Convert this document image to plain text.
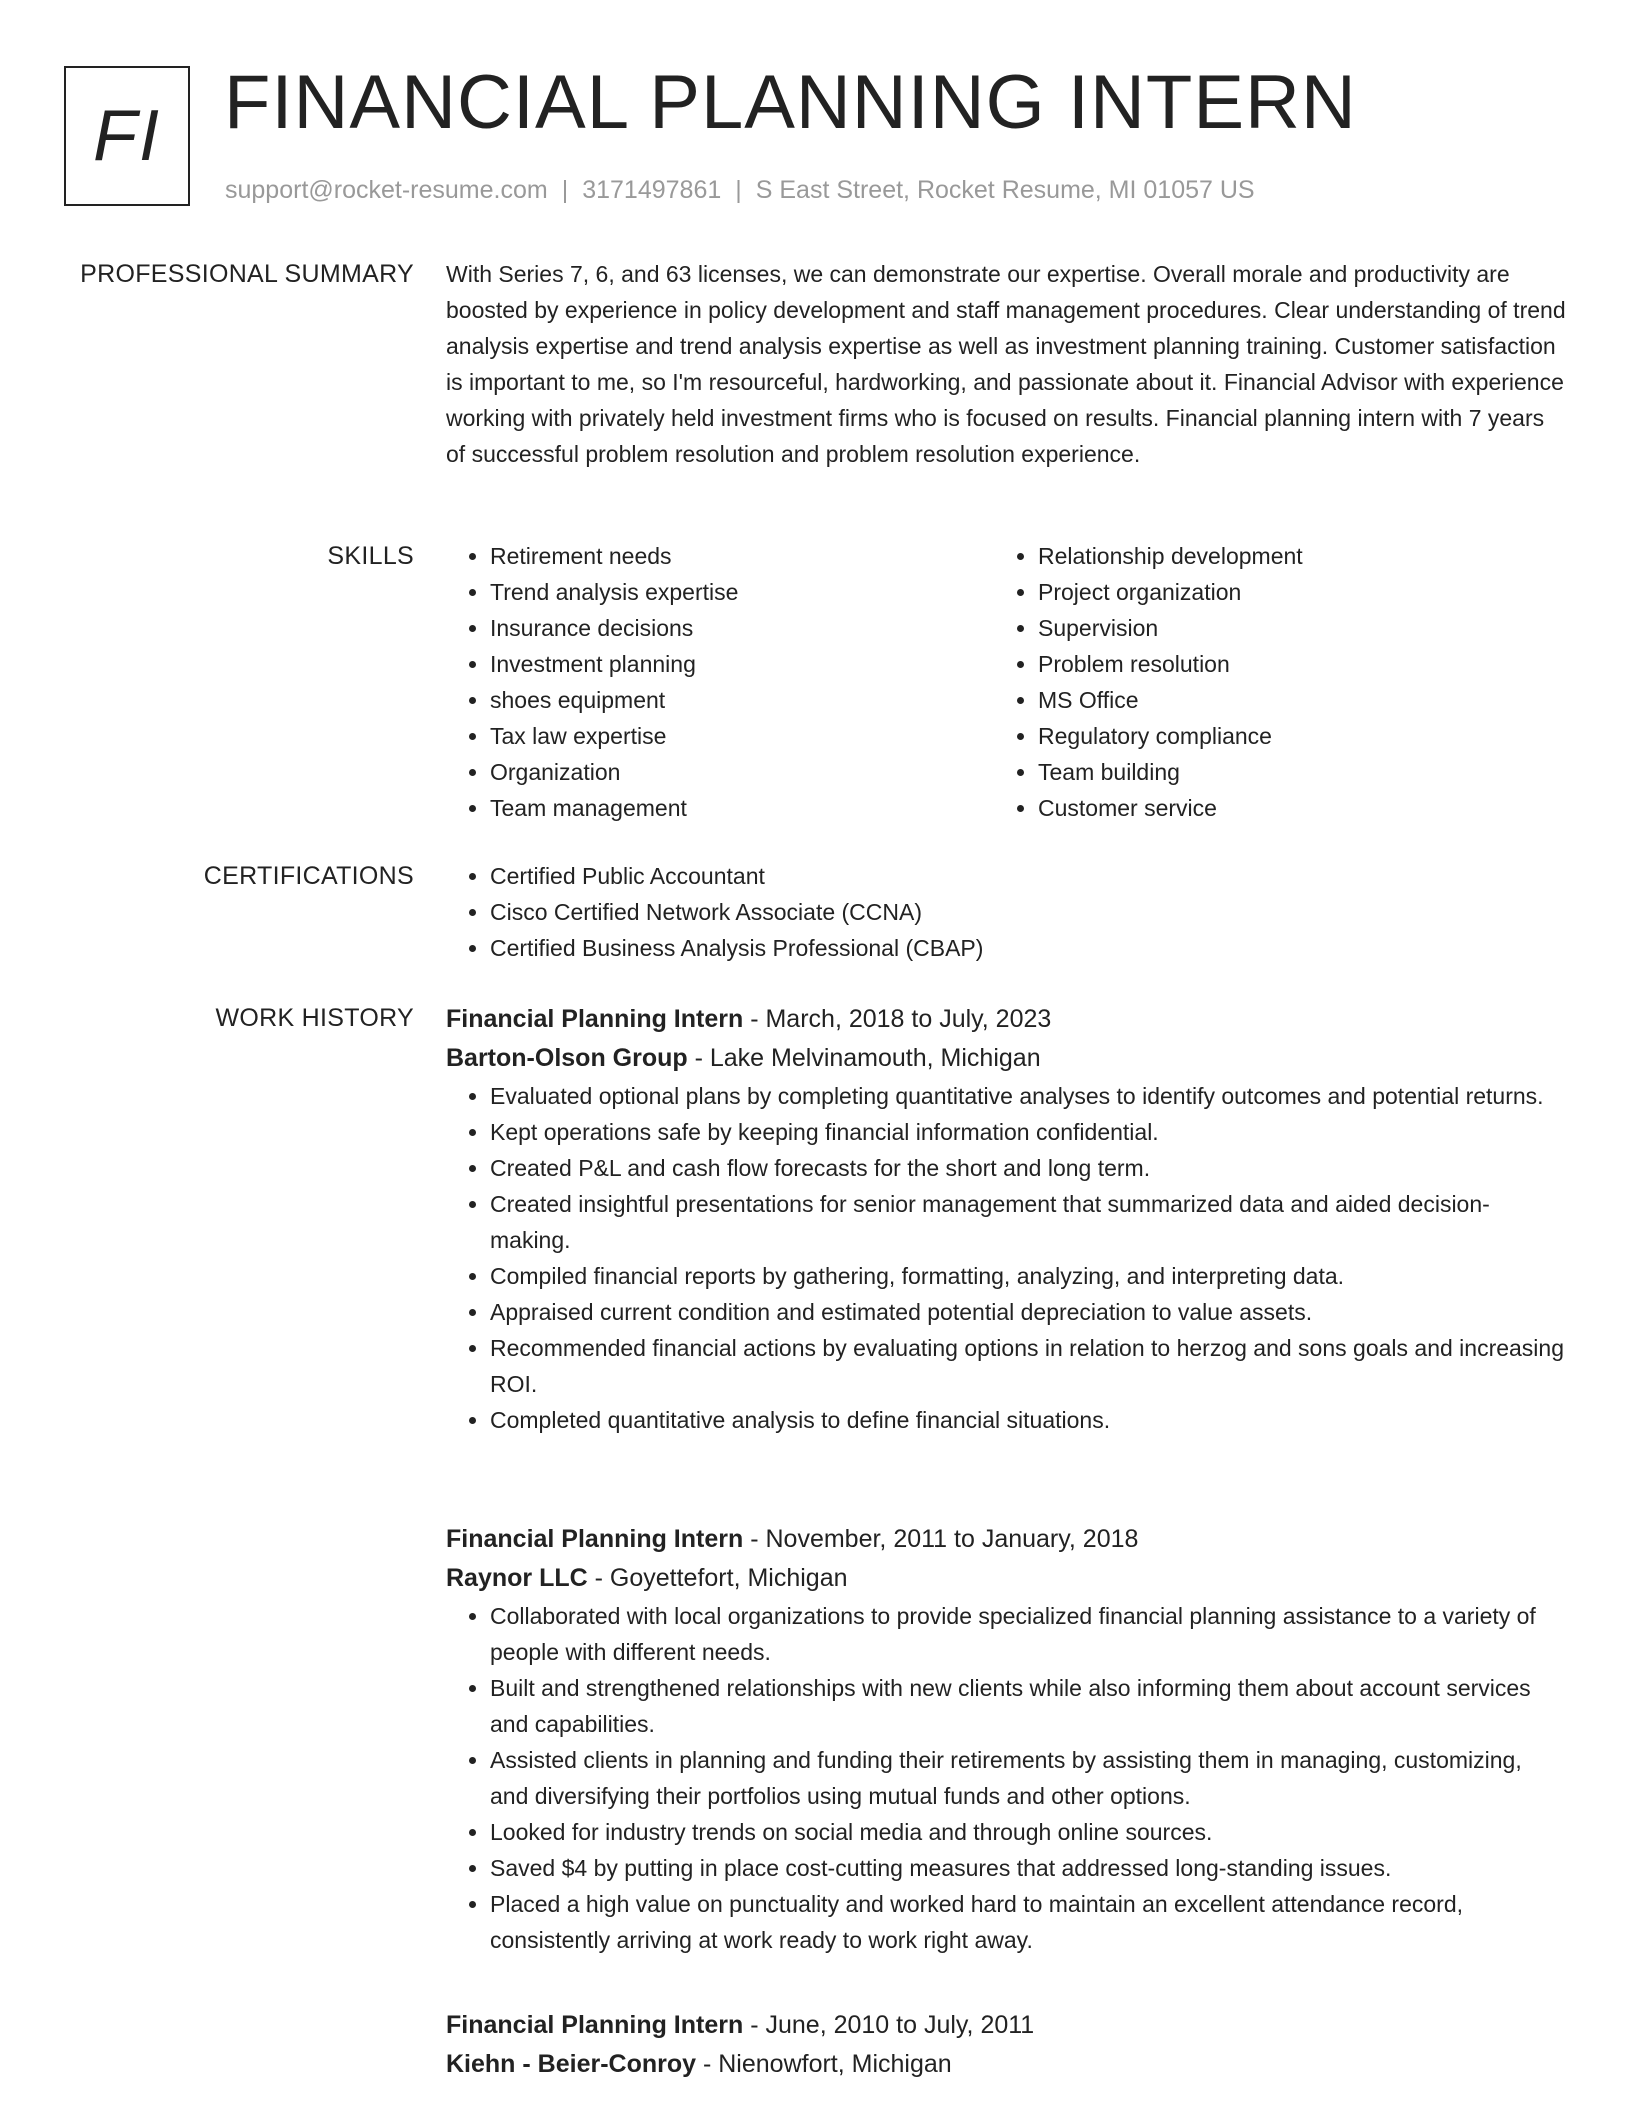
FI FINANCIAL PLANNING INTERN
support@rocket-resume.com | 3171497861 | S East Street, Rocket Resume, MI 01057 US
PROFESSIONAL SUMMARY With Series 7, 6, and 63 licenses, we can demonstrate our expertise. Overall morale and productivity are boosted by experience in policy development and staff management procedures. Clear understanding of trend analysis expertise and trend analysis expertise as well as investment planning training. Customer satisfaction is important to me, so I'm resourceful, hardworking, and passionate about it. Financial Advisor with experience working with privately held investment firms who is focused on results. Financial planning intern with 7 years of successful problem resolution and problem resolution experience.

SKILLS	• Retirement needs
• Trend analysis expertise
• Insurance decisions
• Investment planning
• shoes equipment
• Tax law expertise
• Organization
• Team management
• Relationship development
• Project organization
• Supervision
• Problem resolution
• MS Office
• Regulatory compliance
• Team building
• Customer service
CERTIFICATIONS	• Certified Public Accountant
• Cisco Certified Network Associate (CCNA)
• Certified Business Analysis Professional (CBAP)
WORK HISTORY Financial Planning Intern - March, 2018 to July, 2023
Barton-Olson Group - Lake Melvinamouth, Michigan
• Evaluated optional plans by completing quantitative analyses to identify outcomes and potential returns.
• Kept operations safe by keeping financial information confidential.
• Created P&L and cash flow forecasts for the short and long term.
• Created insightful presentations for senior management that summarized data and aided decision-making.
• Compiled financial reports by gathering, formatting, analyzing, and interpreting data.
• Appraised current condition and estimated potential depreciation to value assets.
• Recommended financial actions by evaluating options in relation to herzog and sons goals and increasing ROI.
• Completed quantitative analysis to define financial situations.
Financial Planning Intern - November, 2011 to January, 2018
Raynor LLC - Goyettefort, Michigan
• Collaborated with local organizations to provide specialized financial planning assistance to a variety of people with different needs.
• Built and strengthened relationships with new clients while also informing them about account services and capabilities.
• Assisted clients in planning and funding their retirements by assisting them in managing, customizing, and diversifying their portfolios using mutual funds and other options.
• Looked for industry trends on social media and through online sources.
• Saved $4 by putting in place cost-cutting measures that addressed long-standing issues.
• Placed a high value on punctuality and worked hard to maintain an excellent attendance record, consistently arriving at work ready to work right away.
Financial Planning Intern - June, 2010 to July, 2011
Kiehn - Beier-Conroy - Nienowfort, Michigan
